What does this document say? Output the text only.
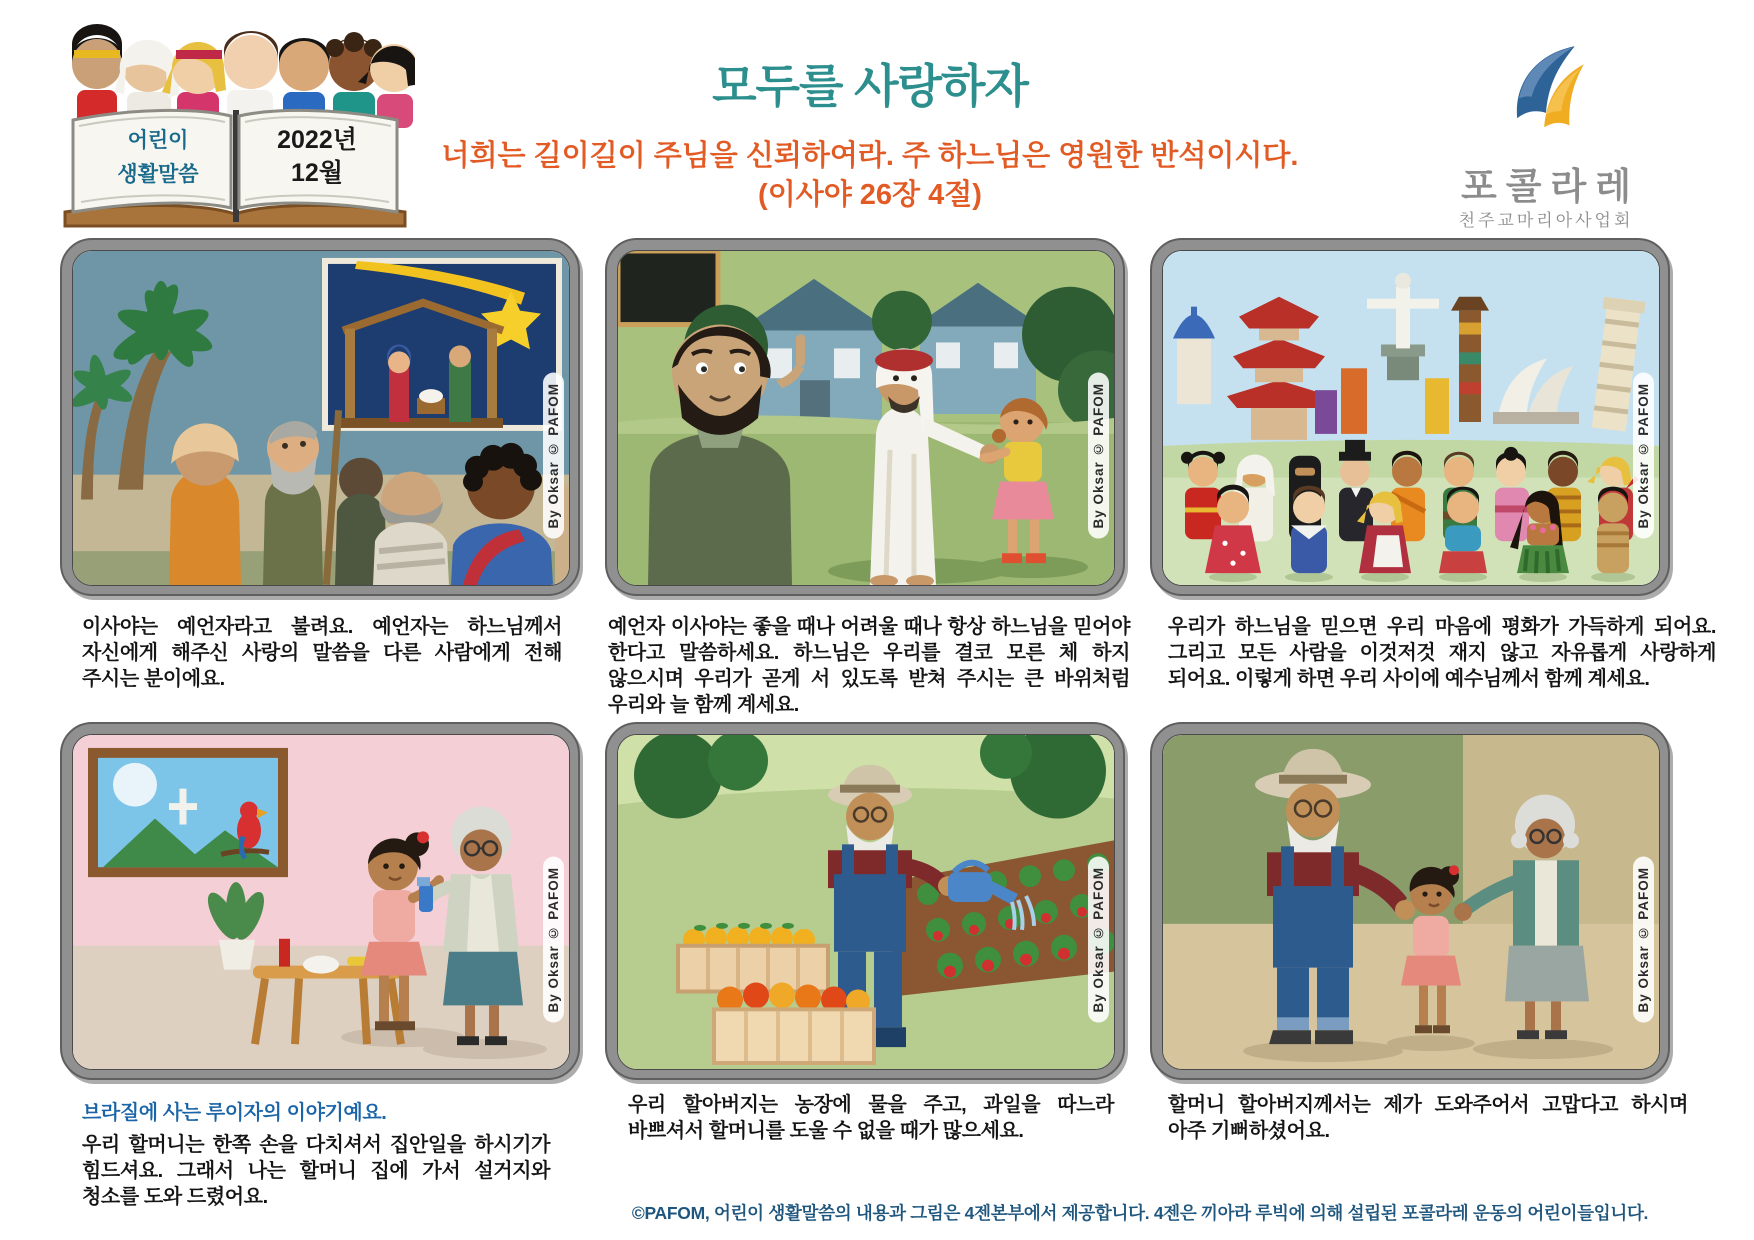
어린이
생활말씀
2022년
12월
모두를 사랑하자
너희는 길이길이 주님을 신뢰하여라. 주 하느님은 영원한 반석이시다.
(이사야 26장 4절)	포콜라레
천주교마리아사업회
By Oksar © PAFOM	By Oksar © PAFOM	By Oksar © PAFOM
By Oksar © PAFOM	By Oksar © PAFOM	By Oksar © PAFOM
이사야는 예언자라고 불려요. 예언자는 하느님께서 자신에게 해주신 사랑의 말씀을 다른 사람에게 전해 주시는 분이에요.
예언자 이사야는 좋을 때나 어려울 때나 항상 하느님을 믿어야 한다고 말씀하세요. 하느님은 우리를 결코 모른 체 하지 않으시며 우리가 곧게 서 있도록 받쳐 주시는 큰 바위처럼 우리와 늘 함께 계세요.
우리가 하느님을 믿으면 우리 마음에 평화가 가득하게 되어요. 그리고 모든 사람을 이것저것 재지 않고 자유롭게 사랑하게 되어요. 이렇게 하면 우리 사이에 예수님께서 함께 계세요.
브라질에 사는 루이자의 이야기예요.
우리 할머니는 한쪽 손을 다치셔서 집안일을 하시기가 힘드셔요. 그래서 나는 할머니 집에 가서 설거지와 청소를 도와 드렸어요.
우리 할아버지는 농장에 물을 주고, 과일을 따느라 바쁘셔서 할머니를 도울 수 없을 때가 많으세요.
할머니 할아버지께서는 제가 도와주어서 고맙다고 하시며 아주 기뻐하셨어요.
©PAFOM, 어린이 생활말씀의 내용과 그림은 4젠본부에서 제공합니다. 4젠은 끼아라 루빅에 의해 설립된 포콜라레 운동의 어린이들입니다.
